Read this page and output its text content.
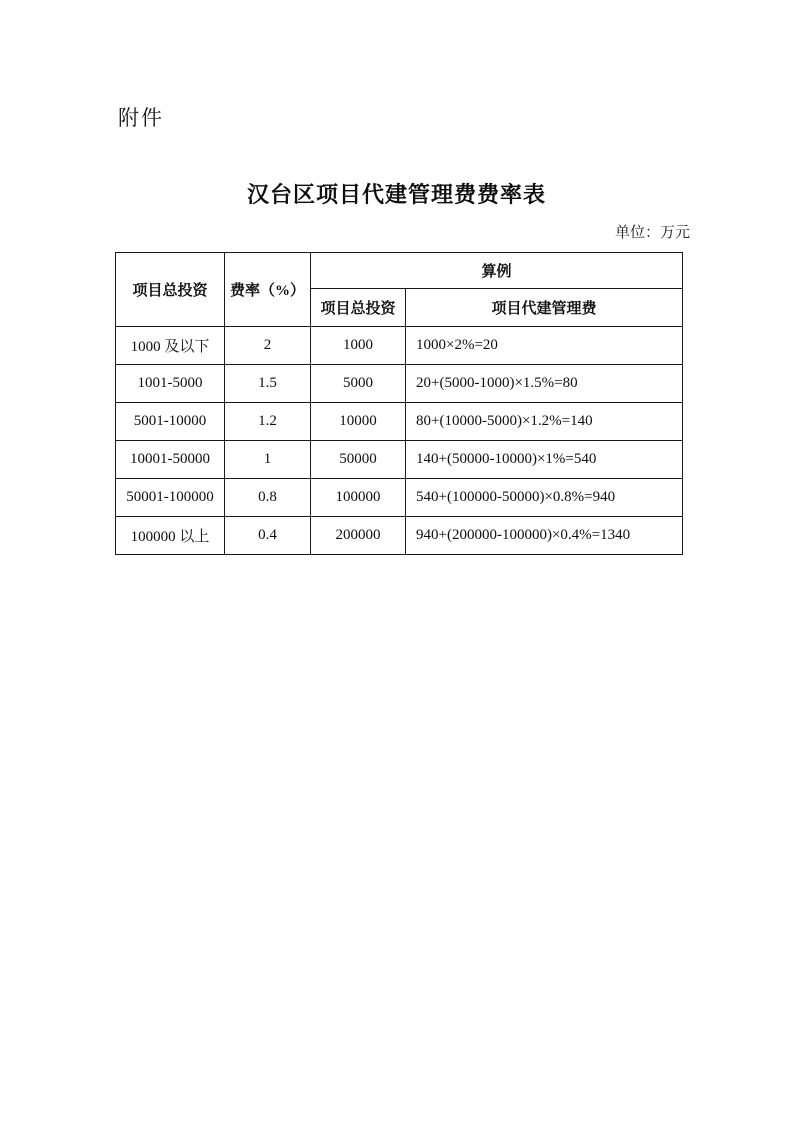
附件
汉台区项目代建管理费费率表
单位：万元
项目总投资	费率（%）	算例	
		项目总投资	项目代建管理费
1000 及以下	2	1000	1000×2%=20
1001-5000	1.5	5000	20+(5000-1000)×1.5%=80
5001-10000	1.2	10000	80+(10000-5000)×1.2%=140
10001-50000	1	50000	140+(50000-10000)×1%=540
50001-100000	0.8	100000	540+(100000-50000)×0.8%=940
100000 以上	0.4	200000	940+(200000-100000)×0.4%=1340
